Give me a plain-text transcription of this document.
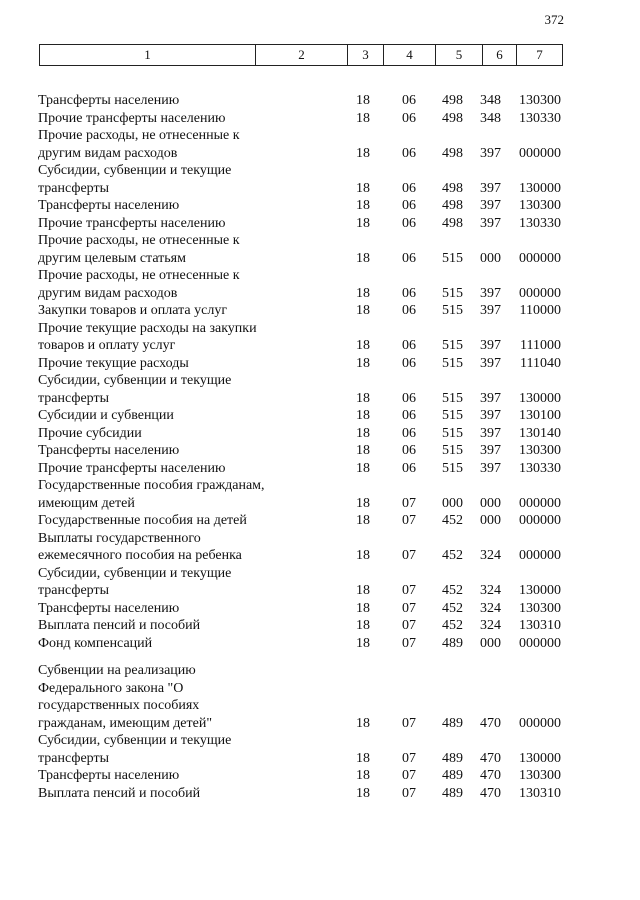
372
1	2	3	4	5	6	7
Трансферты населению	18	06	498	348	130300
Прочие трансферты населению	18	06	498	348	130330
Прочие расходы, не отнесенные к другим видам расходов	18	06	498	397	000000
Субсидии, субвенции и текущие трансферты	18	06	498	397	130000
Трансферты населению	18	06	498	397	130300
Прочие трансферты населению	18	06	498	397	130330
Прочие расходы, не отнесенные к другим целевым статьям	18	06	515	000	000000
Прочие расходы, не отнесенные к другим видам расходов	18	06	515	397	000000
Закупки товаров и оплата услуг	18	06	515	397	110000
Прочие текущие расходы на закупки товаров и оплату услуг	18	06	515	397	111000
Прочие текущие расходы	18	06	515	397	111040
Субсидии, субвенции и текущие трансферты	18	06	515	397	130000
Субсидии и субвенции	18	06	515	397	130100
Прочие субсидии	18	06	515	397	130140
Трансферты населению	18	06	515	397	130300
Прочие трансферты населению	18	06	515	397	130330
Государственные пособия гражданам, имеющим детей	18	07	000	000	000000
Государственные пособия на детей	18	07	452	000	000000
Выплаты государственного ежемесячного пособия на ребенка	18	07	452	324	000000
Субсидии, субвенции и текущие трансферты	18	07	452	324	130000
Трансферты населению	18	07	452	324	130300
Выплата пенсий и пособий	18	07	452	324	130310
Фонд компенсаций	18	07	489	000	000000
Субвенции на реализацию Федерального закона "О государственных пособиях гражданам, имеющим детей"	18	07	489	470	000000
Субсидии, субвенции и текущие трансферты	18	07	489	470	130000
Трансферты населению	18	07	489	470	130300
Выплата пенсий и пособий	18	07	489	470	130310
